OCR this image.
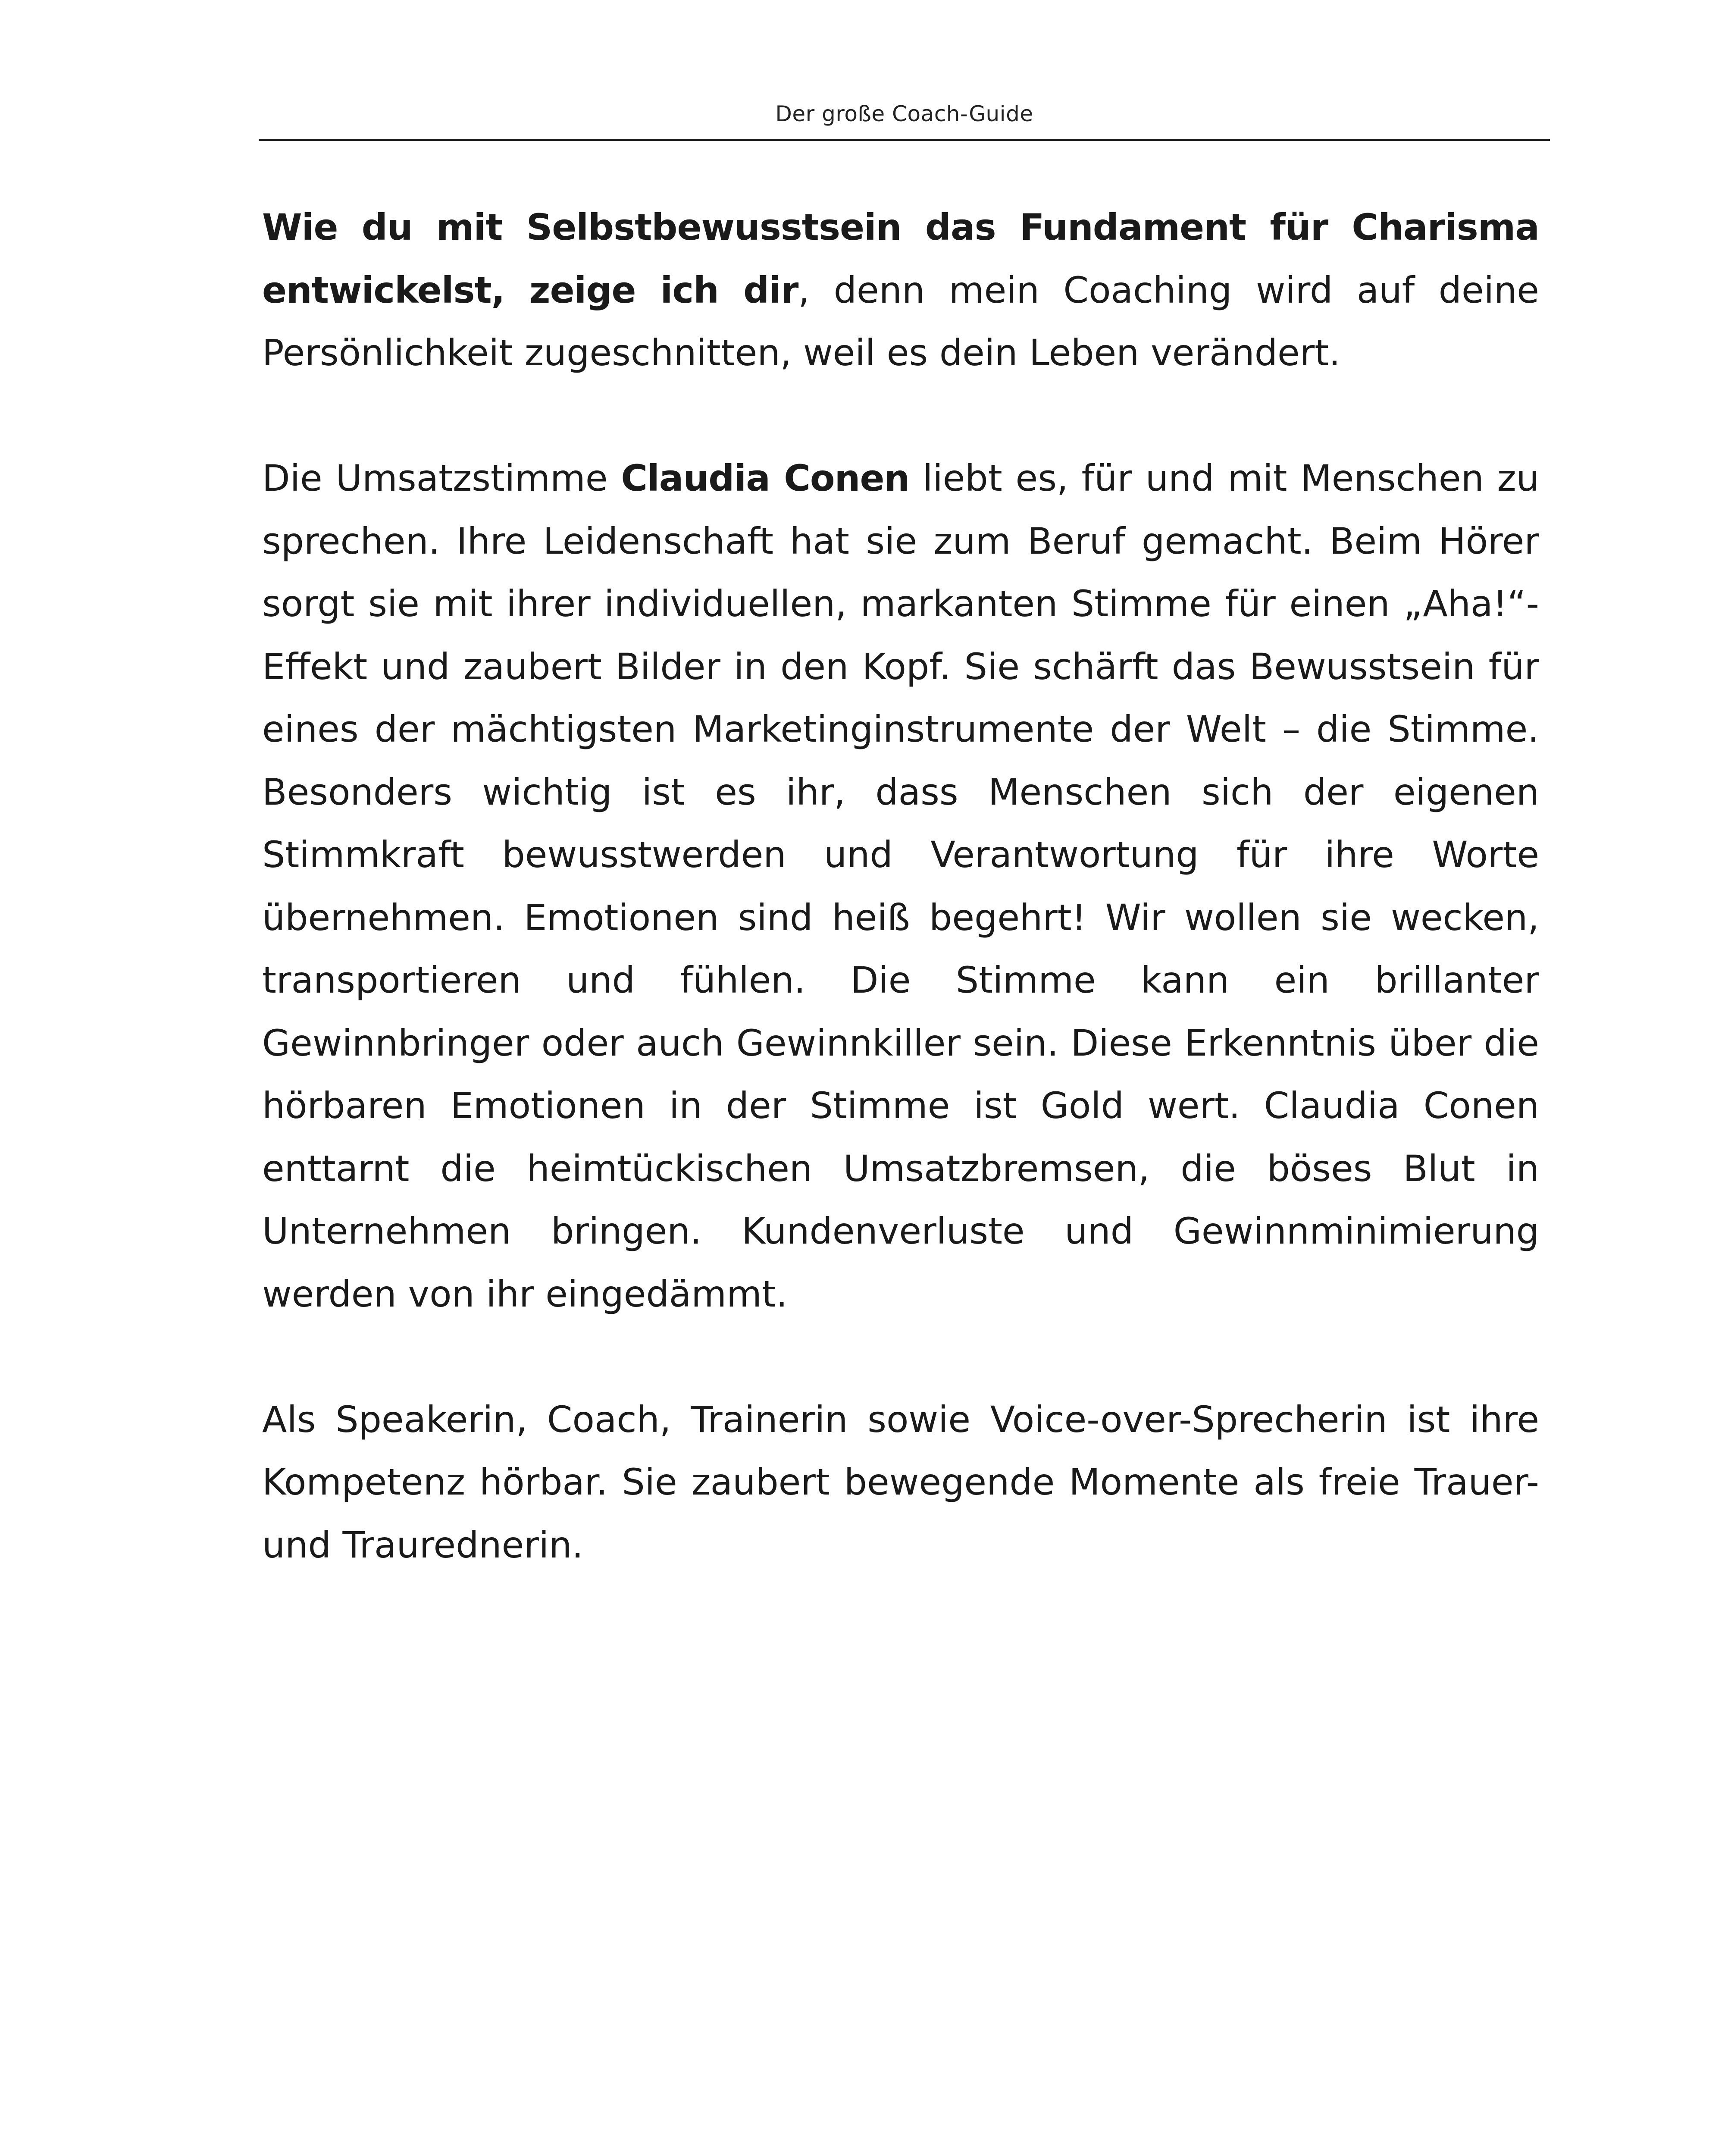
Der große Coach-Guide

Wie du mit Selbstbewusstsein das Fundament für Charisma entwickelst, zeige ich dir, denn mein Coaching wird auf deine Persönlichkeit zugeschnitten, weil es dein Leben verändert.

Die Umsatzstimme Claudia Conen liebt es, für und mit Menschen zu sprechen. Ihre Leidenschaft hat sie zum Beruf gemacht. Beim Hörer sorgt sie mit ihrer individuellen, markanten Stimme für einen „Aha!“-Effekt und zaubert Bilder in den Kopf. Sie schärft das Bewusstsein für eines der mächtigsten Marketinginstrumente der Welt – die Stimme. Besonders wichtig ist es ihr, dass Menschen sich der eigenen Stimmkraft bewusstwerden und Verantwortung für ihre Worte übernehmen. Emotionen sind heiß begehrt! Wir wollen sie wecken, transportieren und fühlen. Die Stimme kann ein brillanter Gewinnbringer oder auch Gewinnkiller sein. Diese Erkenntnis über die hörbaren Emotionen in der Stimme ist Gold wert. Claudia Conen enttarnt die heimtückischen Umsatzbremsen, die böses Blut in Unternehmen bringen. Kundenverluste und Gewinnminimierung werden von ihr eingedämmt.

Als Speakerin, Coach, Trainerin sowie Voice-over-Sprecherin ist ihre Kompetenz hörbar. Sie zaubert bewegende Momente als freie Trauer- und Traurednerin.
